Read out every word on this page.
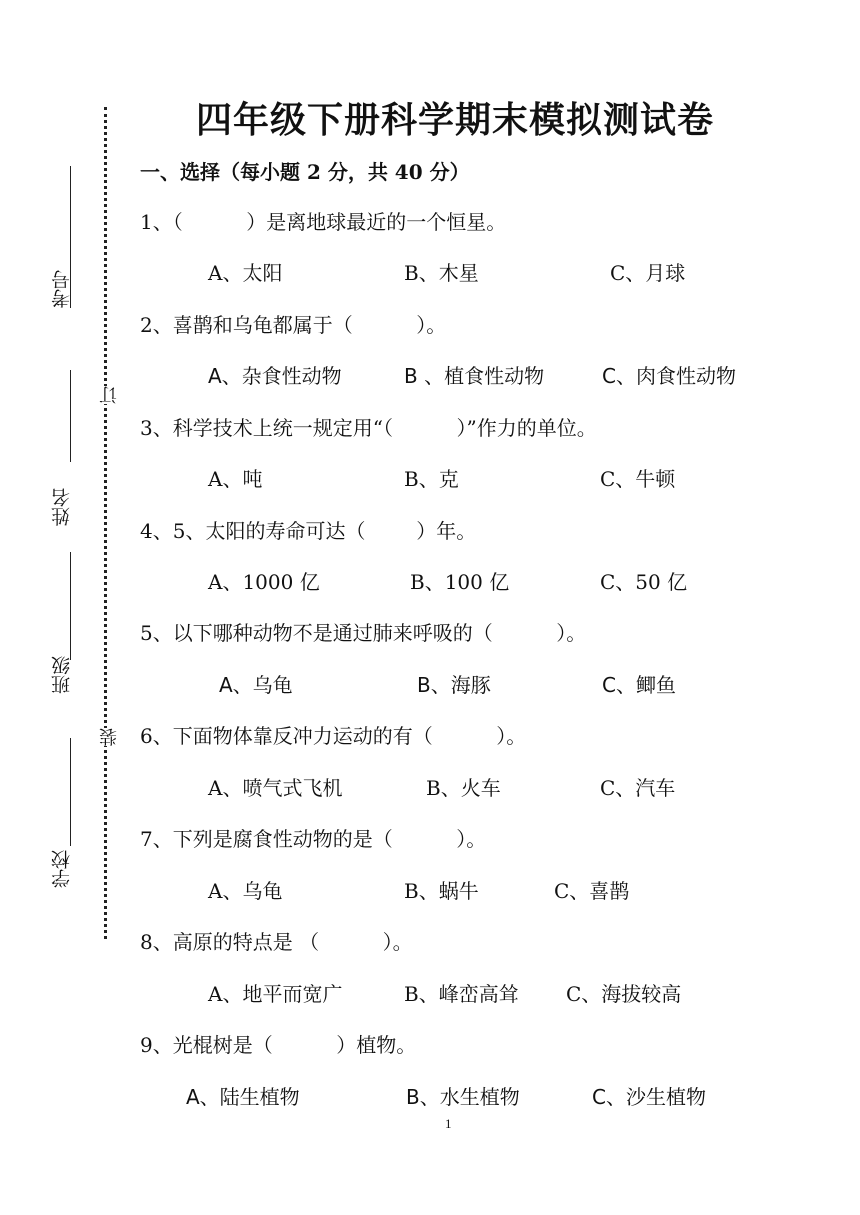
考号
姓名
班级
学校
订
装
四年级下册科学期末模拟测试卷
一、选择（每小题 2 分，共 40 分）
1、（          ）是离地球最近的一个恒星。
A、太阳	B、木星	C、月球
2、喜鹊和乌龟都属于（          ）。
A、杂食性动物	B 、植食性动物	C、肉食性动物
3、科学技术上统一规定用“（          ）”作力的单位。
A、吨	B、克	C、牛顿
4、5、太阳的寿命可达（        ）年。
A、1000 亿	B、100 亿	C、50 亿
5、以下哪种动物不是通过肺来呼吸的（          ）。
A、乌龟	B、海豚	C、鲫鱼
6、下面物体靠反冲力运动的有（          ）。
A、喷气式飞机	B、火车	C、汽车
7、下列是腐食性动物的是（          ）。
A、乌龟	B、蜗牛	C、喜鹊
8、高原的特点是 （          ）。
A、地平而宽广	B、峰峦高耸 C、海拔较高
9、光棍树是（          ）植物。
A、陆生植物	B、水生植物	C、沙生植物
1
